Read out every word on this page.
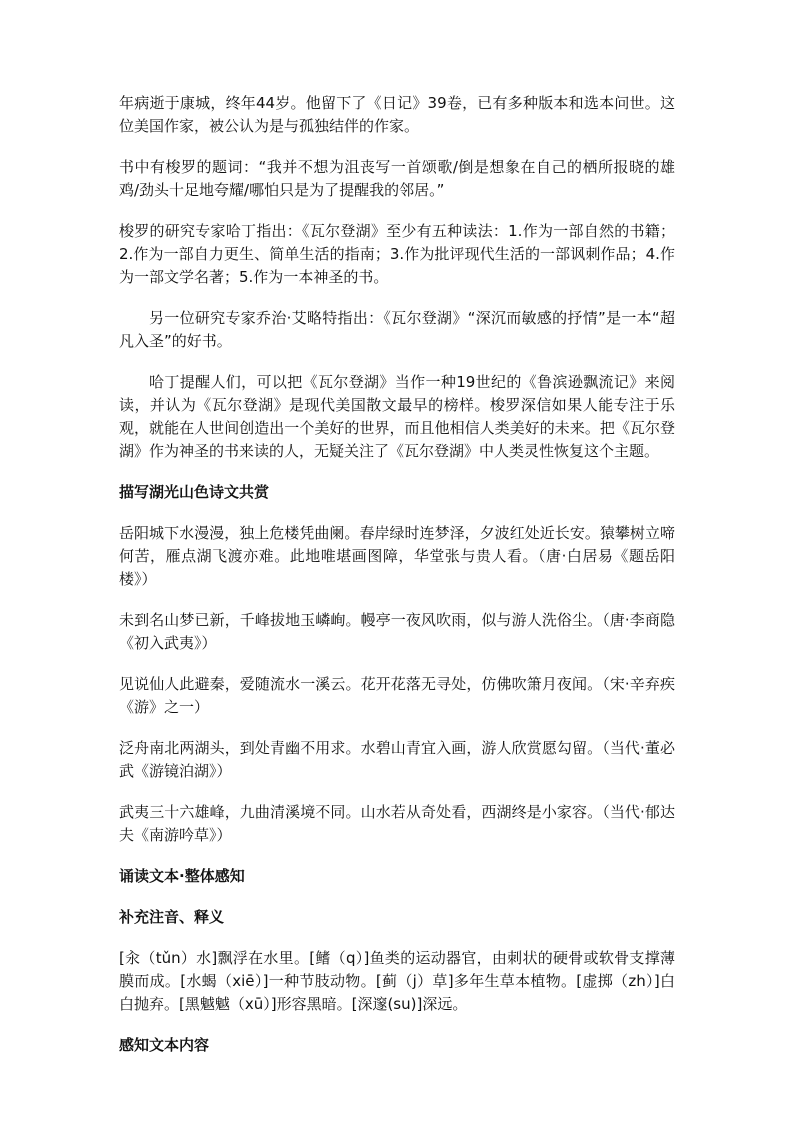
年病逝于康城，终年44岁。他留下了《日记》39卷，已有多种版本和选本问世。这位美国作家，被公认为是与孤独结伴的作家。

书中有梭罗的题词：“我并不想为沮丧写一首颂歌/倒是想象在自己的栖所报晓的雄鸡/劲头十足地夸耀/哪怕只是为了提醒我的邻居。”

梭罗的研究专家哈丁指出：《瓦尔登湖》至少有五种读法：1.作为一部自然的书籍；2.作为一部自力更生、简单生活的指南；3.作为批评现代生活的一部讽刺作品；4.作为一部文学名著；5.作为一本神圣的书。

另一位研究专家乔治·艾略特指出：《瓦尔登湖》“深沉而敏感的抒情”是一本“超凡入圣”的好书。

哈丁提醒人们，可以把《瓦尔登湖》当作一种19世纪的《鲁滨逊飘流记》来阅读，并认为《瓦尔登湖》是现代美国散文最早的榜样。梭罗深信如果人能专注于乐观，就能在人世间创造出一个美好的世界，而且他相信人类美好的未来。把《瓦尔登湖》作为神圣的书来读的人，无疑关注了《瓦尔登湖》中人类灵性恢复这个主题。

描写湖光山色诗文共赏

岳阳城下水漫漫，独上危楼凭曲阑。春岸绿时连梦泽，夕波红处近长安。猿攀树立啼何苦，雁点湖飞渡亦难。此地唯堪画图障，华堂张与贵人看。（唐·白居易《题岳阳楼》）

未到名山梦已新，千峰拔地玉嶙峋。幔亭一夜风吹雨，似与游人洗俗尘。（唐·李商隐《初入武夷》）

见说仙人此避秦，爱随流水一溪云。花开花落无寻处，仿佛吹箫月夜闻。（宋·辛弃疾《游》之一）

泛舟南北两湖头，到处青幽不用求。水碧山青宜入画，游人欣赏愿勾留。（当代·董必武《游镜泊湖》）

武夷三十六雄峰，九曲清溪境不同。山水若从奇处看，西湖终是小家容。（当代·郁达夫《南游吟草》）

诵读文本·整体感知
补充注音、释义

[汆（tǔn）水]飘浮在水里。[鳍（q）]鱼类的运动器官，由刺状的硬骨或软骨支撑薄膜而成。[水蝎（xiē）]一种节肢动物。[蓟（j）草]多年生草本植物。[虚掷（zh）]白白抛弃。[黑魆魆（xū）]形容黑暗。[深邃(su)]深远。

感知文本内容
